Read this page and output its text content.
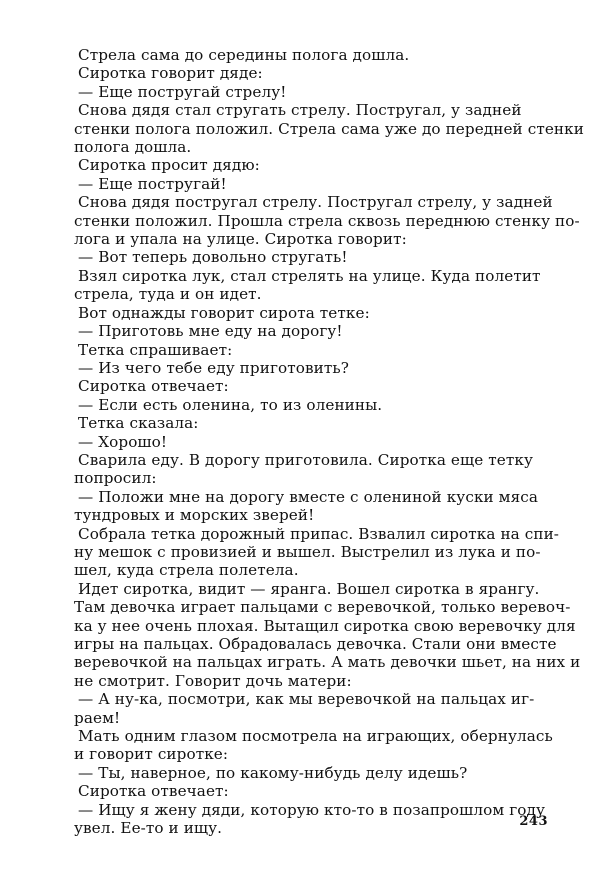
Стрела сама до середины полога дошла.
Сиротка говорит дяде:
— Еще постругай стрелу!
Снова дядя стал стругать стрелу. Постругал, у задней
стенки полога положил. Стрела сама уже до передней стенки
полога дошла.
Сиротка просит дядю:
— Еще постругай!
Снова дядя постругал стрелу. Постругал стрелу, у задней
стенки положил. Прошла стрела сквозь переднюю стенку по-
лога и упала на улице. Сиротка говорит:
— Вот теперь довольно стругать!
Взял сиротка лук, стал стрелять на улице. Куда полетит
стрела, туда и он идет.
Вот однажды говорит сирота тетке:
— Приготовь мне еду на дорогу!
Тетка спрашивает:
— Из чего тебе еду приготовить?
Сиротка отвечает:
— Если есть оленина, то из оленины.
Тетка сказала:
— Хорошо!
Сварила еду. В дорогу приготовила. Сиротка еще тетку
попросил:
— Положи мне на дорогу вместе с олениной куски мяса
тундровых и морских зверей!
Собрала тетка дорожный припас. Взвалил сиротка на спи-
ну мешок с провизией и вышел. Выстрелил из лука и по-
шел, куда стрела полетела.
Идет сиротка, видит — яранга. Вошел сиротка в ярангу.
Там девочка играет пальцами с веревочкой, только веревоч-
ка у нее очень плохая. Вытащил сиротка свою веревочку для
игры на пальцах. Обрадовалась девочка. Стали они вместе
веревочкой на пальцах играть. А мать девочки шьет, на них и
не смотрит. Говорит дочь матери:
— А ну-ка, посмотри, как мы веревочкой на пальцах иг-
раем!
Мать одним глазом посмотрела на играющих, обернулась
и говорит сиротке:
— Ты, наверное, по какому-нибудь делу идешь?
Сиротка отвечает:
— Ищу я жену дяди, которую кто-то в позапрошлом году
увел. Ее-то и ищу.	243
